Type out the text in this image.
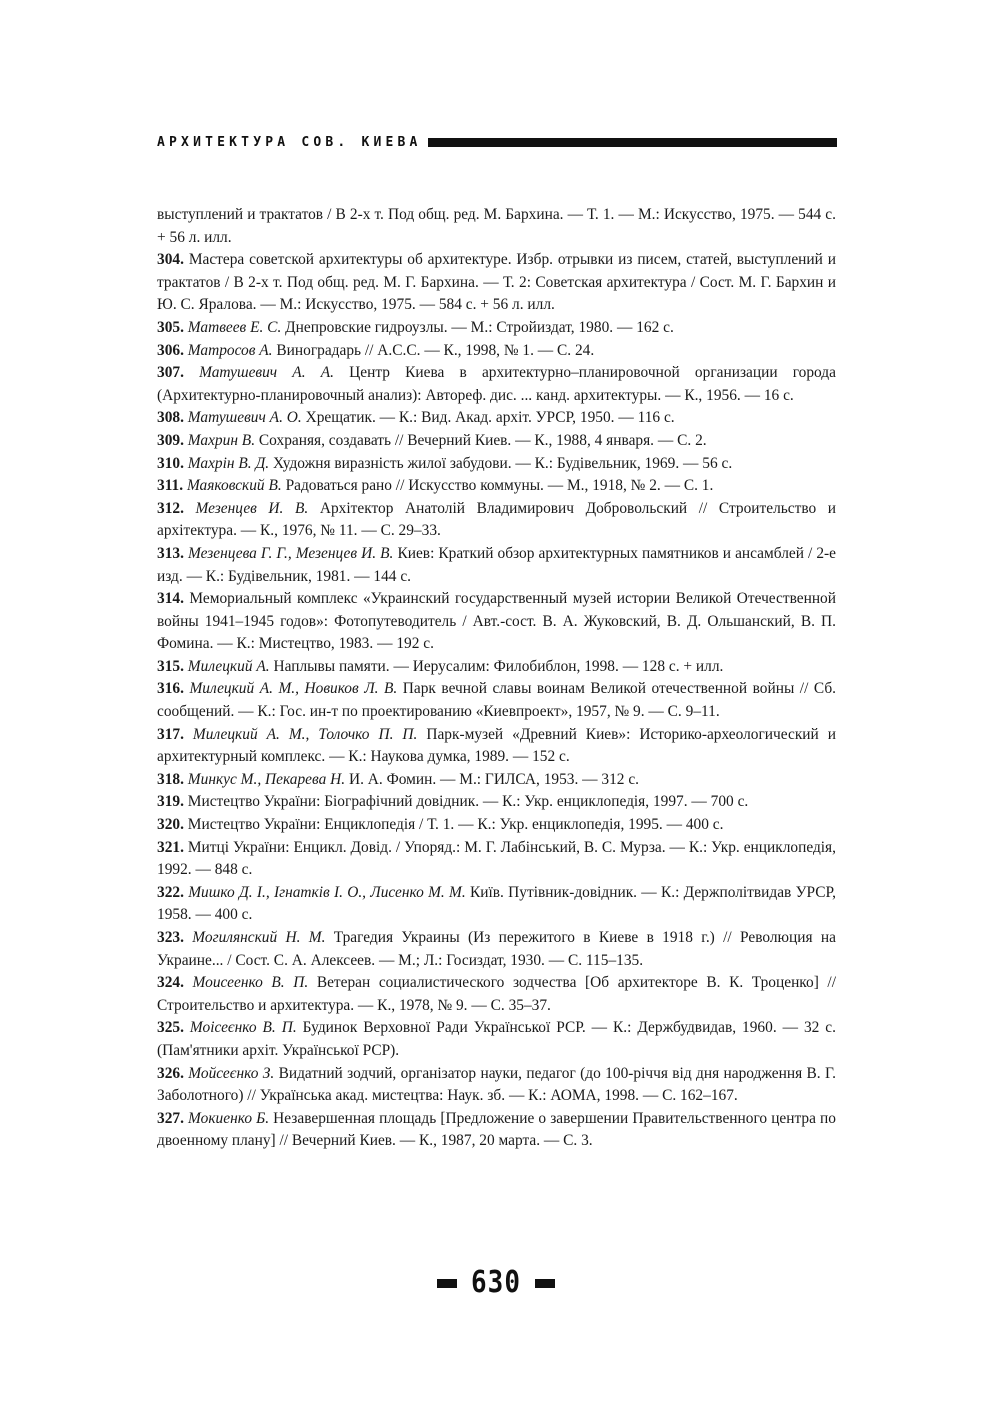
АРХИТЕКТУРА СОВ. КИЕВА

выступлений и трактатов / В 2-х т. Под общ. ред. М. Бархина. — Т. 1. — М.: Искусство, 1975. — 544 с. + 56 л. илл.

304. Мастера советской архитектуры об архитектуре. Избр. отрывки из писем, статей, выступлений и трактатов / В 2-х т. Под общ. ред. М. Г. Бархина. — Т. 2: Советская архитектура / Сост. М. Г. Бархин и Ю. С. Яралова. — М.: Искусство, 1975. — 584 с. + 56 л. илл.

305. Матвеев Е. С. Днепровские гидроузлы. — М.: Стройиздат, 1980. — 162 с.

306. Матросов А. Виноградарь // А.С.С. — К., 1998, № 1. — С. 24.

307. Матушевич А. А. Центр Киева в архитектурно–планировочной организации города (Архитектурно-планировочный анализ): Автореф. дис. ... канд. архитектуры. — К., 1956. — 16 с.

308. Матушевич А. О. Хрещатик. — К.: Вид. Акад. архіт. УРСР, 1950. — 116 с.

309. Махрин В. Сохраняя, создавать // Вечерний Киев. — К., 1988, 4 января. — С. 2.

310. Махрін В. Д. Художня виразність жилої забудови. — К.: Будівельник, 1969. — 56 с.

311. Маяковский В. Радоваться рано // Искусство коммуны. — М., 1918, № 2. — С. 1.

312. Мезенцев И. В. Архітектор Анатолій Владимирович Добровольский // Строительство и архітектура. — К., 1976, № 11. — С. 29–33.

313. Мезенцева Г. Г., Мезенцев И. В. Киев: Краткий обзор архитектурных памятников и ансамблей / 2-е изд. — К.: Будівельник, 1981. — 144 с.

314. Мемориальный комплекс «Украинский государственный музей истории Великой Отечественной войны 1941–1945 годов»: Фотопутеводитель / Авт.-сост. В. А. Жуковский, В. Д. Ольшанский, В. П. Фомина. — К.: Мистецтво, 1983. — 192 с.

315. Милецкий А. Наплывы памяти. — Иерусалим: Филобиблон, 1998. — 128 с. + илл.

316. Милецкий А. М., Новиков Л. В. Парк вечной славы воинам Великой отечественной войны // Сб. сообщений. — К.: Гос. ин-т по проектированию «Киевпроект», 1957, № 9. — С. 9–11.

317. Милецкий А. М., Толочко П. П. Парк-музей «Древний Киев»: Историко-археологический и архитектурный комплекс. — К.: Наукова думка, 1989. — 152 с.

318. Минкус М., Пекарева Н. И. А. Фомин. — М.: ГИЛСА, 1953. — 312 с.

319. Мистецтво України: Біографічний довідник. — К.: Укр. енциклопедія, 1997. — 700 с.

320. Мистецтво України: Енциклопедія / Т. 1. — К.: Укр. енциклопедія, 1995. — 400 с.

321. Митці України: Енцикл. Довід. / Упоряд.: М. Г. Лабінський, В. С. Мурза. — К.: Укр. енциклопедія, 1992. — 848 с.

322. Мишко Д. І., Ігнатків І. О., Лисенко М. М. Київ. Путівник-довідник. — К.: Держполітвидав УРСР, 1958. — 400 с.

323. Могилянский Н. М. Трагедия Украины (Из пережитого в Киеве в 1918 г.) // Революция на Украине... / Сост. С. А. Алексеев. — М.; Л.: Госиздат, 1930. — С. 115–135.

324. Моисеенко В. П. Ветеран социалистического зодчества [Об архитекторе В. К. Троценко] // Строительство и архитектура. — К., 1978, № 9. — С. 35–37.

325. Моісеєнко В. П. Будинок Верховної Ради Української РСР. — К.: Держбудвидав, 1960. — 32 с. (Пам'ятники архіт. Української РСР).

326. Мойсеєнко З. Видатний зодчий, організатор науки, педагог (до 100-річчя від дня народження В. Г. Заболотного) // Українська акад. мистецтва: Наук. зб. — К.: АОМА, 1998. — С. 162–167.

327. Мокиенко Б. Незавершенная площадь [Предложение о завершении Правительственного центра по двоенному плану] // Вечерний Киев. — К., 1987, 20 марта. — С. 3.

630
